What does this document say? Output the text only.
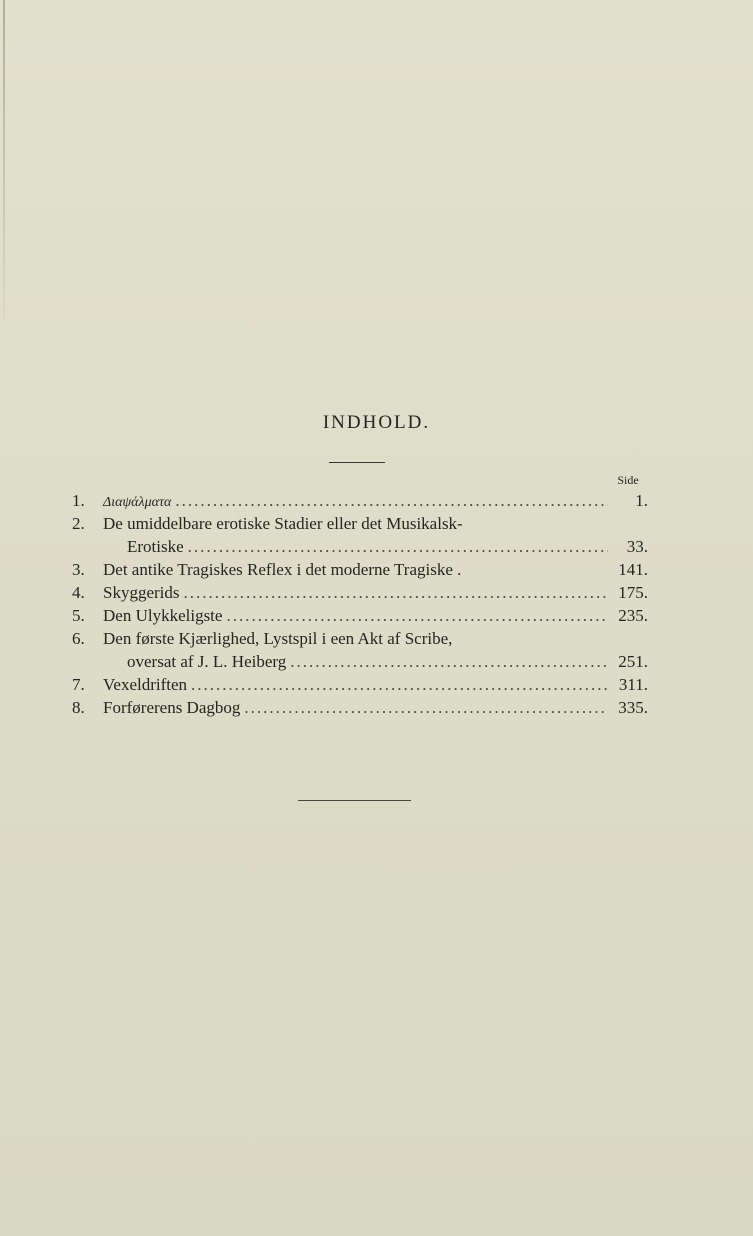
INDHOLD.
Side
1.	Διαψάλματα .....	1.
2.	De umiddelbare erotiske Stadier eller det Musikalsk-
Erotiske .....	33.
3.	Det antike Tragiskes Reflex i det moderne Tragiske .	141.
4.	Skyggerids .....	175.
5.	Den Ulykkeligste .....	235.
6.	Den første Kjærlighed, Lystspil i een Akt af Scribe,
oversat af J. L. Heiberg .....	251.
7.	Vexeldriften .....	311.
8.	Forførerens Dagbog .....	335.
